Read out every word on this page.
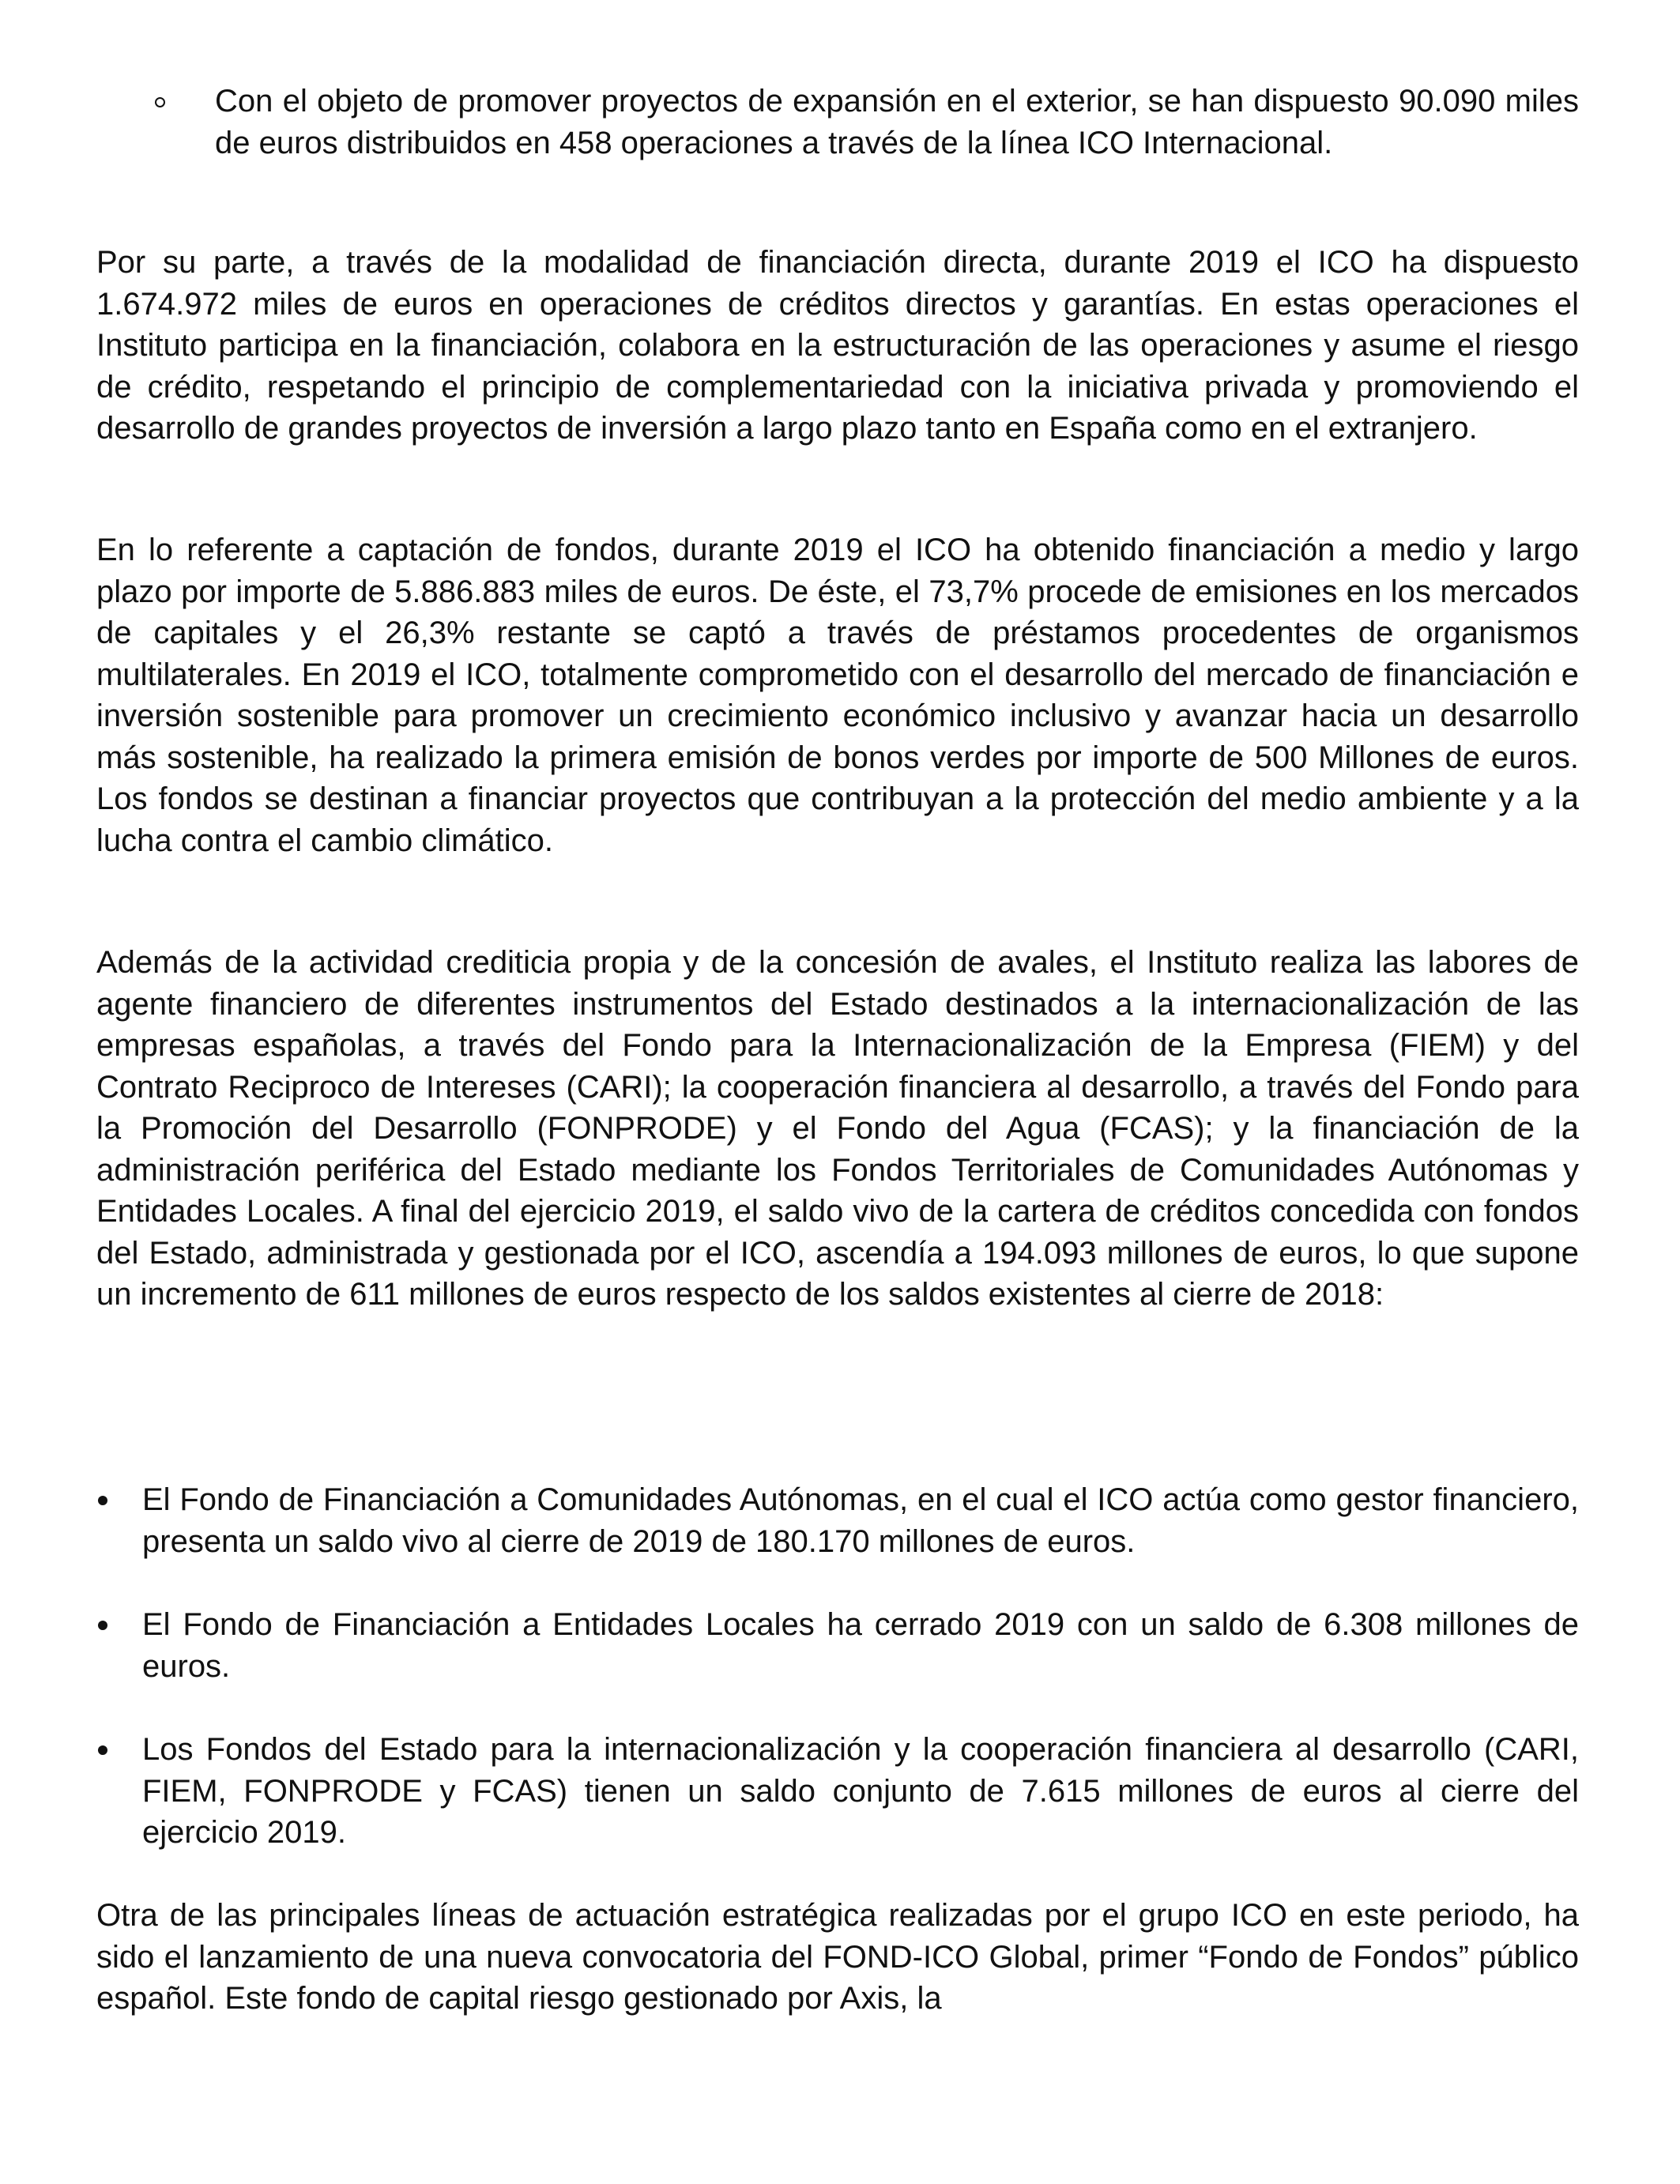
Con el objeto de promover proyectos de expansión en el exterior, se han dispuesto 90.090 miles de euros distribuidos en 458 operaciones a través de la línea ICO Internacional.

Por su parte, a través de la modalidad de financiación directa, durante 2019 el ICO ha dispuesto 1.674.972 miles de euros en operaciones de créditos directos y garantías. En estas operaciones el Instituto participa en la financiación, colabora en la estructuración de las operaciones y asume el riesgo de crédito, respetando el principio de complementariedad con la iniciativa privada y promoviendo el desarrollo de grandes proyectos de inversión a largo plazo tanto en España como en el extranjero.

En lo referente a captación de fondos, durante 2019 el ICO ha obtenido financiación a medio y largo plazo por importe de 5.886.883 miles de euros. De éste, el 73,7% procede de emisiones en los mercados de capitales y el 26,3% restante se captó a través de préstamos procedentes de organismos multilaterales. En 2019 el ICO, totalmente comprometido con el desarrollo del mercado de financiación e inversión sostenible para promover un crecimiento económico inclusivo y avanzar hacia un desarrollo más sostenible, ha realizado la primera emisión de bonos verdes por importe de 500 Millones de euros. Los fondos se destinan a financiar proyectos que contribuyan a la protección del medio ambiente y a la lucha contra el cambio climático.

Además de la actividad crediticia propia y de la concesión de avales, el Instituto realiza las labores de agente financiero de diferentes instrumentos del Estado destinados a la internacionalización de las empresas españolas, a través del Fondo para la Internacionalización de la Empresa (FIEM) y del Contrato Reciproco de Intereses (CARI); la cooperación financiera al desarrollo, a través del Fondo para la Promoción del Desarrollo (FONPRODE) y el Fondo del Agua (FCAS); y la financiación de la administración periférica del Estado mediante los Fondos Territoriales de Comunidades Autónomas y Entidades Locales. A final del ejercicio 2019, el saldo vivo de la cartera de créditos concedida con fondos del Estado, administrada y gestionada por el ICO, ascendía a 194.093 millones de euros, lo que supone un incremento de 611 millones de euros respecto de los saldos existentes al cierre de 2018:

El Fondo de Financiación a Comunidades Autónomas, en el cual el ICO actúa como gestor financiero, presenta un saldo vivo al cierre de 2019 de 180.170 millones de euros.
El Fondo de Financiación a Entidades Locales ha cerrado 2019 con un saldo de 6.308 millones de euros.
Los Fondos del Estado para la internacionalización y la cooperación financiera al desarrollo (CARI, FIEM, FONPRODE y FCAS) tienen un saldo conjunto de 7.615 millones de euros al cierre del ejercicio 2019.

Otra de las principales líneas de actuación estratégica realizadas por el grupo ICO en este periodo, ha sido el lanzamiento de una nueva convocatoria del FOND-ICO Global, primer “Fondo de Fondos” público español. Este fondo de capital riesgo gestionado por Axis, la
